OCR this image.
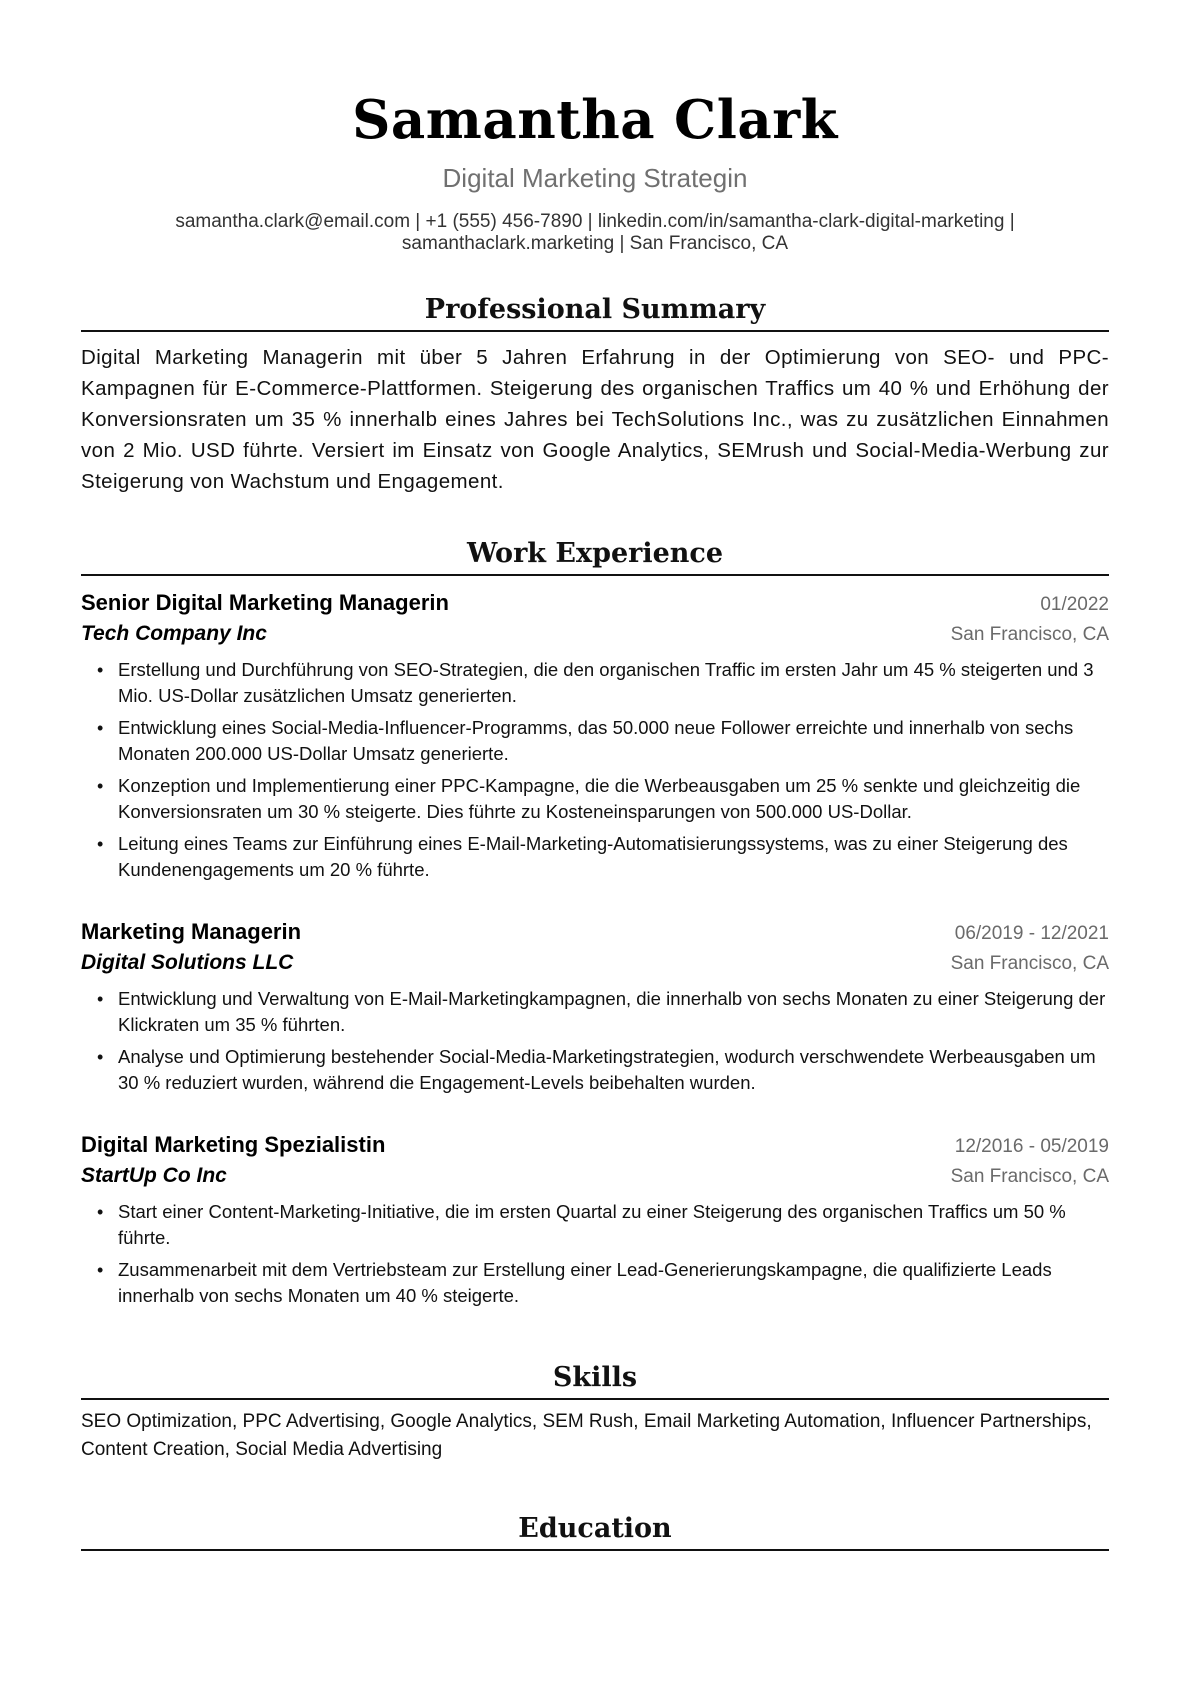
Samantha Clark
Digital Marketing Strategin
samantha.clark@email.com | +1 (555) 456-7890 | linkedin.com/in/samantha-clark-digital-marketing |
samanthaclark.marketing | San Francisco, CA
Professional Summary
Digital Marketing Managerin mit über 5 Jahren Erfahrung in der Optimierung von SEO- und PPC-Kampagnen für E-Commerce-Plattformen. Steigerung des organischen Traffics um 40 % und Erhöhung der Konversionsraten um 35 % innerhalb eines Jahres bei TechSolutions Inc., was zu zusätzlichen Einnahmen von 2 Mio. USD führte. Versiert im Einsatz von Google Analytics, SEMrush und Social-Media-Werbung zur Steigerung von Wachstum und Engagement.
Work Experience
Senior Digital Marketing Managerin	01/2022
Tech Company Inc	San Francisco, CA
• Erstellung und Durchführung von SEO-Strategien, die den organischen Traffic im ersten Jahr um 45 % steigerten und 3 Mio. US-Dollar zusätzlichen Umsatz generierten.
• Entwicklung eines Social-Media-Influencer-Programms, das 50.000 neue Follower erreichte und innerhalb von sechs Monaten 200.000 US-Dollar Umsatz generierte.
• Konzeption und Implementierung einer PPC-Kampagne, die die Werbeausgaben um 25 % senkte und gleichzeitig die Konversionsraten um 30 % steigerte. Dies führte zu Kosteneinsparungen von 500.000 US-Dollar.
• Leitung eines Teams zur Einführung eines E-Mail-Marketing-Automatisierungssystems, was zu einer Steigerung des Kundenengagements um 20 % führte.
Marketing Managerin	06/2019 - 12/2021
Digital Solutions LLC	San Francisco, CA
• Entwicklung und Verwaltung von E-Mail-Marketingkampagnen, die innerhalb von sechs Monaten zu einer Steigerung der Klickraten um 35 % führten.
• Analyse und Optimierung bestehender Social-Media-Marketingstrategien, wodurch verschwendete Werbeausgaben um 30 % reduziert wurden, während die Engagement-Levels beibehalten wurden.
Digital Marketing Spezialistin	12/2016 - 05/2019
StartUp Co Inc	San Francisco, CA
• Start einer Content-Marketing-Initiative, die im ersten Quartal zu einer Steigerung des organischen Traffics um 50 % führte.
• Zusammenarbeit mit dem Vertriebsteam zur Erstellung einer Lead-Generierungskampagne, die qualifizierte Leads innerhalb von sechs Monaten um 40 % steigerte.
Skills
SEO Optimization, PPC Advertising, Google Analytics, SEM Rush, Email Marketing Automation, Influencer Partnerships, Content Creation, Social Media Advertising
Education
